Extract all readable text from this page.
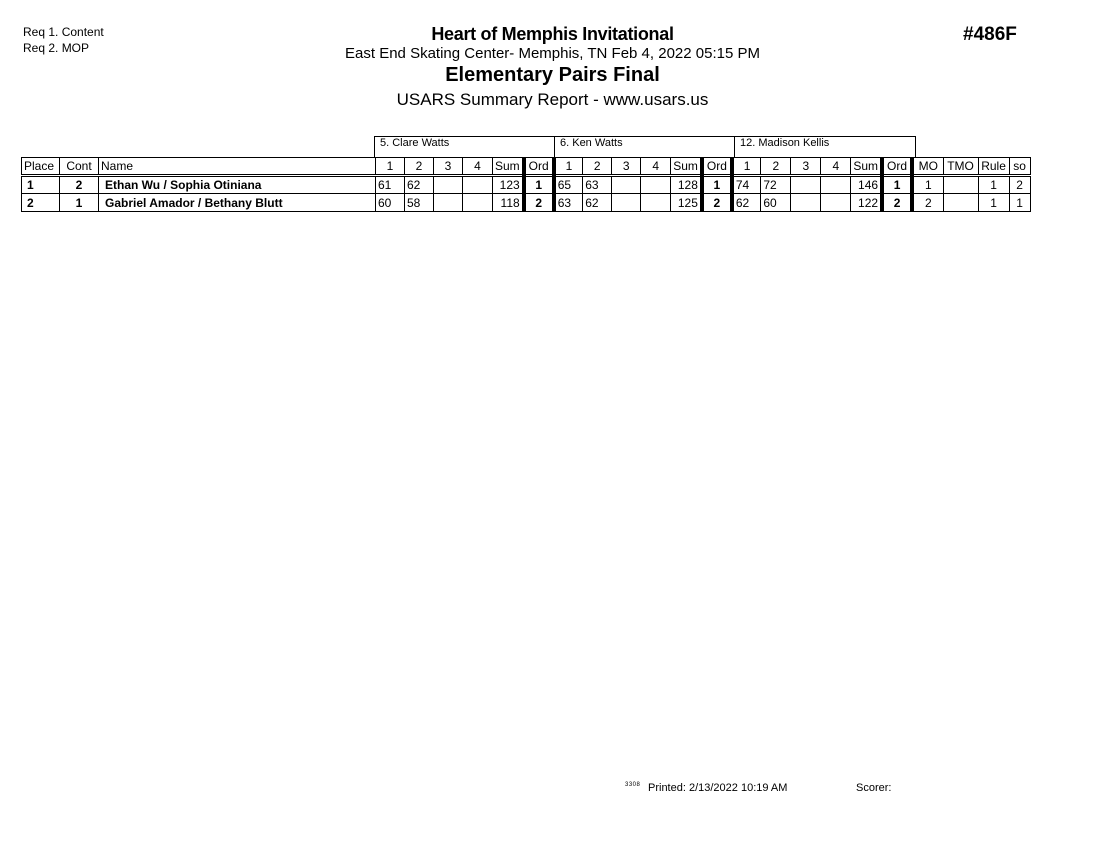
Req 1. Content
Req 2. MOP
Heart of Memphis Invitational
East End Skating Center- Memphis, TN Feb 4, 2022 05:15 PM
Elementary Pairs Final
USARS Summary Report - www.usars.us
#486F
5. Clare Watts	6. Ken Watts	12. Madison Kellis
Place	Cont	Name	1	2	3	4	Sum	Ord	1	2	3	4	Sum	Ord	1	2	3	4	Sum	Ord	MO	TMO	Rule	so
1	2	Ethan Wu / Sophia Otiniana	61	62			123	1	65	63			128	1	74	72			146	1	1		1	2
2	1	Gabriel Amador / Bethany Blutt	60	58			118	2	63	62			125	2	62	60			122	2	2		1	1
$^{3308}$ Printed: 2/13/2022 10:19 AM	Scorer:
